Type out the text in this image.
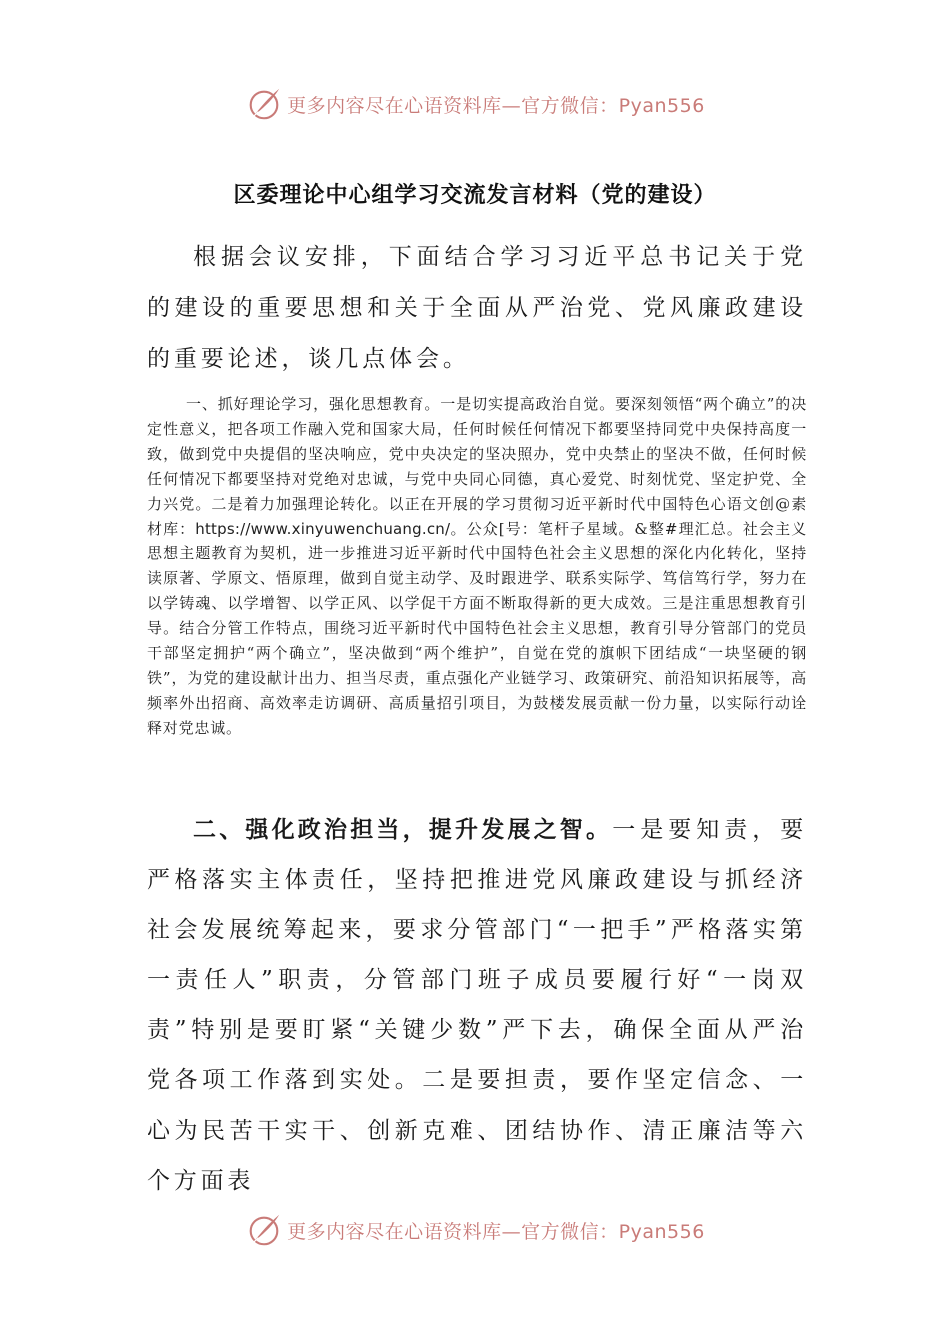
更多内容尽在心语资料库—官方微信：Pyan556
区委理论中心组学习交流发言材料（党的建设）

根据会议安排，下面结合学习习近平总书记关于党的建设的重要思想和关于全面从严治党、党风廉政建设的重要论述，谈几点体会。

一、抓好理论学习，强化思想教育。一是切实提高政治自觉。要深刻领悟“两个确立”的决定性意义，把各项工作融入党和国家大局，任何时候任何情况下都要坚持同党中央保持高度一致，做到党中央提倡的坚决响应，党中央决定的坚决照办，党中央禁止的坚决不做，任何时候任何情况下都要坚持对党绝对忠诚，与党中央同心同德，真心爱党、时刻忧党、坚定护党、全力兴党。二是着力加强理论转化。以正在开展的学习贯彻习近平新时代中国特色心语文创@素材库：https://www.xinyuwenchuang.cn/。公众[号：笔杆子星域。&整#理汇总。社会主义思想主题教育为契机，进一步推进习近平新时代中国特色社会主义思想的深化内化转化，坚持读原著、学原文、悟原理，做到自觉主动学、及时跟进学、联系实际学、笃信笃行学，努力在以学铸魂、以学增智、以学正风、以学促干方面不断取得新的更大成效。三是注重思想教育引导。结合分管工作特点，围绕习近平新时代中国特色社会主义思想，教育引导分管部门的党员干部坚定拥护“两个确立”，坚决做到“两个维护”，自觉在党的旗帜下团结成“一块坚硬的钢铁”，为党的建设献计出力、担当尽责，重点强化产业链学习、政策研究、前沿知识拓展等，高频率外出招商、高效率走访调研、高质量招引项目，为鼓楼发展贡献一份力量，以实际行动诠释对党忠诚。

二、强化政治担当，提升发展之智。一是要知责，要严格落实主体责任，坚持把推进党风廉政建设与抓经济社会发展统筹起来，要求分管部门“一把手”严格落实第一责任人”职责，分管部门班子成员要履行好“一岗双责”特别是要盯紧“关键少数”严下去，确保全面从严治党各项工作落到实处。二是要担责，要作坚定信念、一心为民苦干实干、创新克难、团结协作、清正廉洁等六个方面表

更多内容尽在心语资料库—官方微信：Pyan556
